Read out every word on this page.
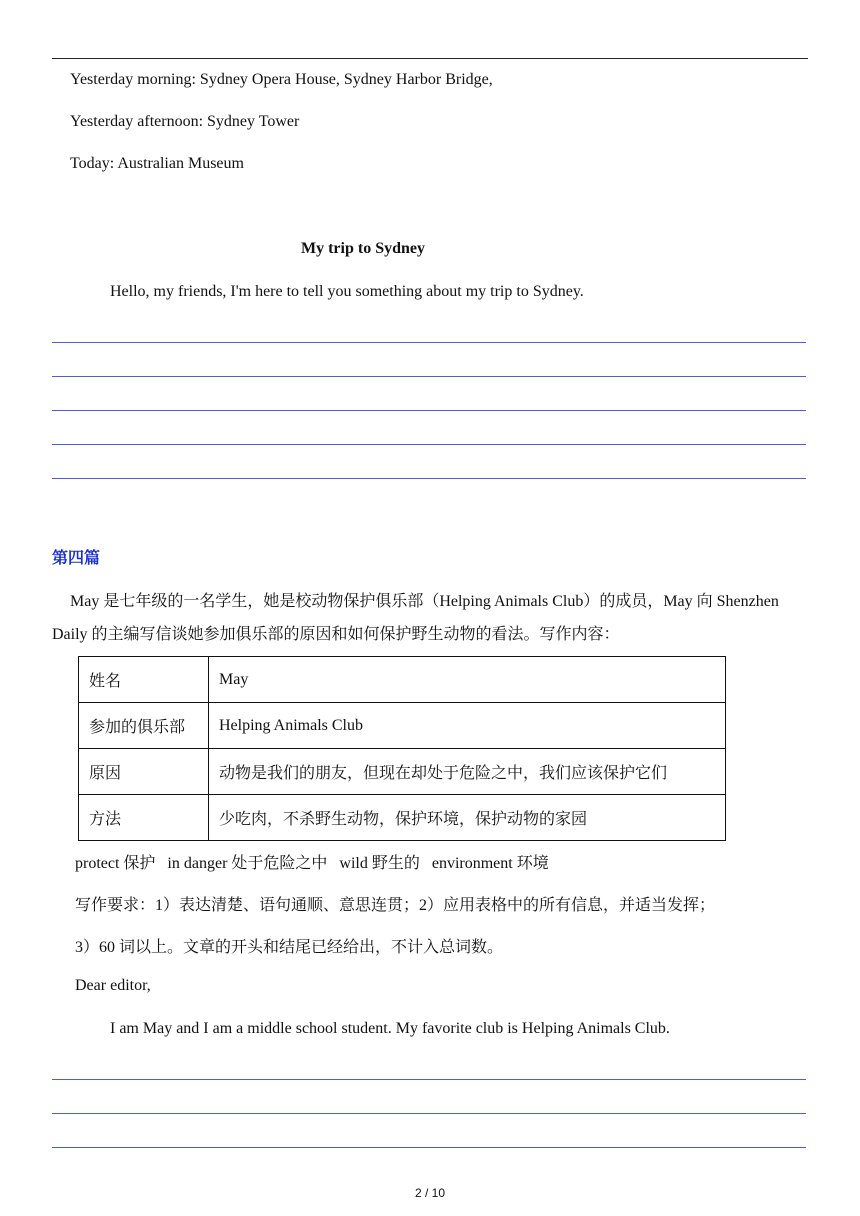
Yesterday morning: Sydney Opera House, Sydney Harbor Bridge,
Yesterday afternoon: Sydney Tower
Today: Australian Museum
My trip to Sydney
Hello, my friends, I'm here to tell you something about my trip to Sydney.
第四篇
May 是七年级的一名学生，她是校动物保护俱乐部（Helping Animals Club）的成员，May 向 Shenzhen
Daily 的主编写信谈她参加俱乐部的原因和如何保护野生动物的看法。写作内容：
姓名	May
参加的俱乐部	Helping Animals Club
原因	动物是我们的朋友，但现在却处于危险之中，我们应该保护它们
方法	少吃肉，不杀野生动物，保护环境，保护动物的家园
protect 保护   in danger 处于危险之中   wild 野生的   environment 环境
写作要求：1）表达清楚、语句通顺、意思连贯；2）应用表格中的所有信息，并适当发挥；
3）60 词以上。文章的开头和结尾已经给出，不计入总词数。
Dear editor,
I am May and I am a middle school student. My favorite club is Helping Animals Club.
2 / 10
